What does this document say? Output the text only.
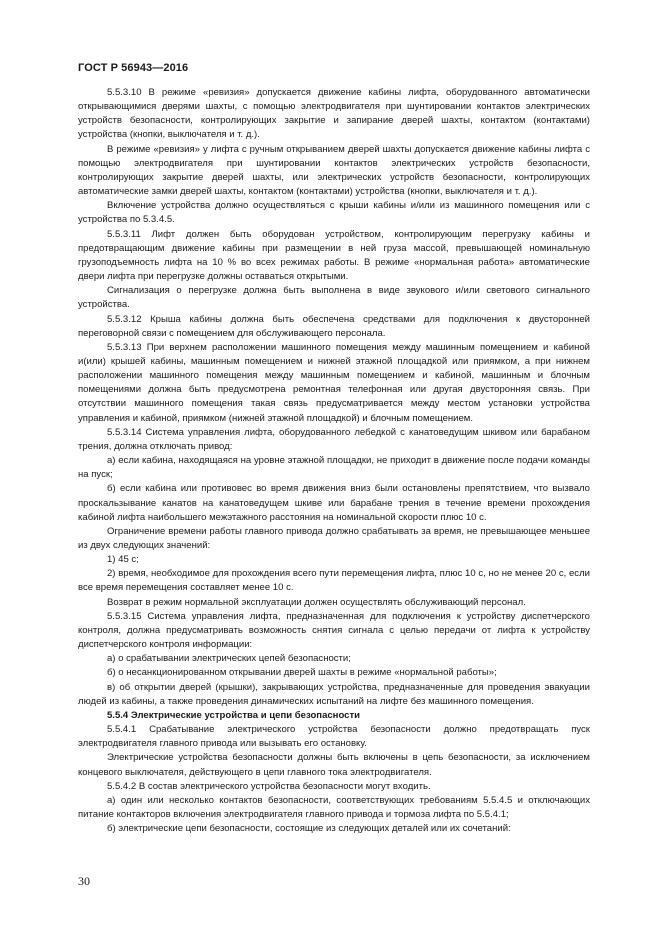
ГОСТ Р 56943—2016

5.5.3.10 В режиме «ревизия» допускается движение кабины лифта, оборудованного автоматически открывающимися дверями шахты, с помощью электродвигателя при шунтировании контактов электрических устройств безопасности, контролирующих закрытие и запирание дверей шахты, контактом (контактами) устройства (кнопки, выключателя и т. д.).

В режиме «ревизия» у лифта с ручным открыванием дверей шахты допускается движение кабины лифта с помощью электродвигателя при шунтировании контактов электрических устройств безопасности, контролирующих закрытие дверей шахты, или электрических устройств безопасности, контролирующих автоматические замки дверей шахты, контактом (контактами) устройства (кнопки, выключателя и т. д.).

Включение устройства должно осуществляться с крыши кабины и/или из машинного помещения или с устройства по 5.3.4.5.

5.5.3.11 Лифт должен быть оборудован устройством, контролирующим перегрузку кабины и предотвращающим движение кабины при размещении в ней груза массой, превышающей номинальную грузоподъемность лифта на 10 % во всех режимах работы. В режиме «нормальная работа» автоматические двери лифта при перегрузке должны оставаться открытыми.

Сигнализация о перегрузке должна быть выполнена в виде звукового и/или светового сигнального устройства.

5.5.3.12 Крыша кабины должна быть обеспечена средствами для подключения к двусторонней переговорной связи с помещением для обслуживающего персонала.

5.5.3.13 При верхнем расположении машинного помещения между машинным помещением и кабиной и(или) крышей кабины, машинным помещением и нижней этажной площадкой или приямком, а при нижнем расположении машинного помещения между машинным помещением и кабиной, машинным и блочным помещениями должна быть предусмотрена ремонтная телефонная или другая двусторонняя связь. При отсутствии машинного помещения такая связь предусматривается между местом установки устройства управления и кабиной, приямком (нижней этажной площадкой) и блочным помещением.

5.5.3.14 Система управления лифта, оборудованного лебедкой с канатоведущим шкивом или барабаном трения, должна отключать привод:

а) если кабина, находящаяся на уровне этажной площадки, не приходит в движение после подачи команды на пуск;

б) если кабина или противовес во время движения вниз были остановлены препятствием, что вызвало проскальзывание канатов на канатоведущем шкиве или барабане трения в течение времени прохождения кабиной лифта наибольшего межэтажного расстояния на номинальной скорости плюс 10 с.

Ограничение времени работы главного привода должно срабатывать за время, не превышающее меньшее из двух следующих значений:

1) 45 с;

2) время, необходимое для прохождения всего пути перемещения лифта, плюс 10 с, но не менее 20 с, если все время перемещения составляет менее 10 с.

Возврат в режим нормальной эксплуатации должен осуществлять обслуживающий персонал.

5.5.3.15 Система управления лифта, предназначенная для подключения к устройству диспетчерского контроля, должна предусматривать возможность снятия сигнала с целью передачи от лифта к устройству диспетчерского контроля информации:

а) о срабатывании электрических цепей безопасности;

б) о несанкционированном открывании дверей шахты в режиме «нормальной работы»;

в) об открытии дверей (крышки), закрывающих устройства, предназначенные для проведения эвакуации людей из кабины, а также проведения динамических испытаний на лифте без машинного помещения.

5.5.4 Электрические устройства и цепи безопасности

5.5.4.1 Срабатывание электрического устройства безопасности должно предотвращать пуск электродвигателя главного привода или вызывать его остановку.

Электрические устройства безопасности должны быть включены в цепь безопасности, за исключением концевого выключателя, действующего в цепи главного тока электродвигателя.

5.5.4.2 В состав электрического устройства безопасности могут входить.

а) один или несколько контактов безопасности, соответствующих требованиям 5.5.4.5 и отключающих питание контакторов включения электродвигателя главного привода и тормоза лифта по 5.5.4.1;

б) электрические цепи безопасности, состоящие из следующих деталей или их сочетаний:

30
